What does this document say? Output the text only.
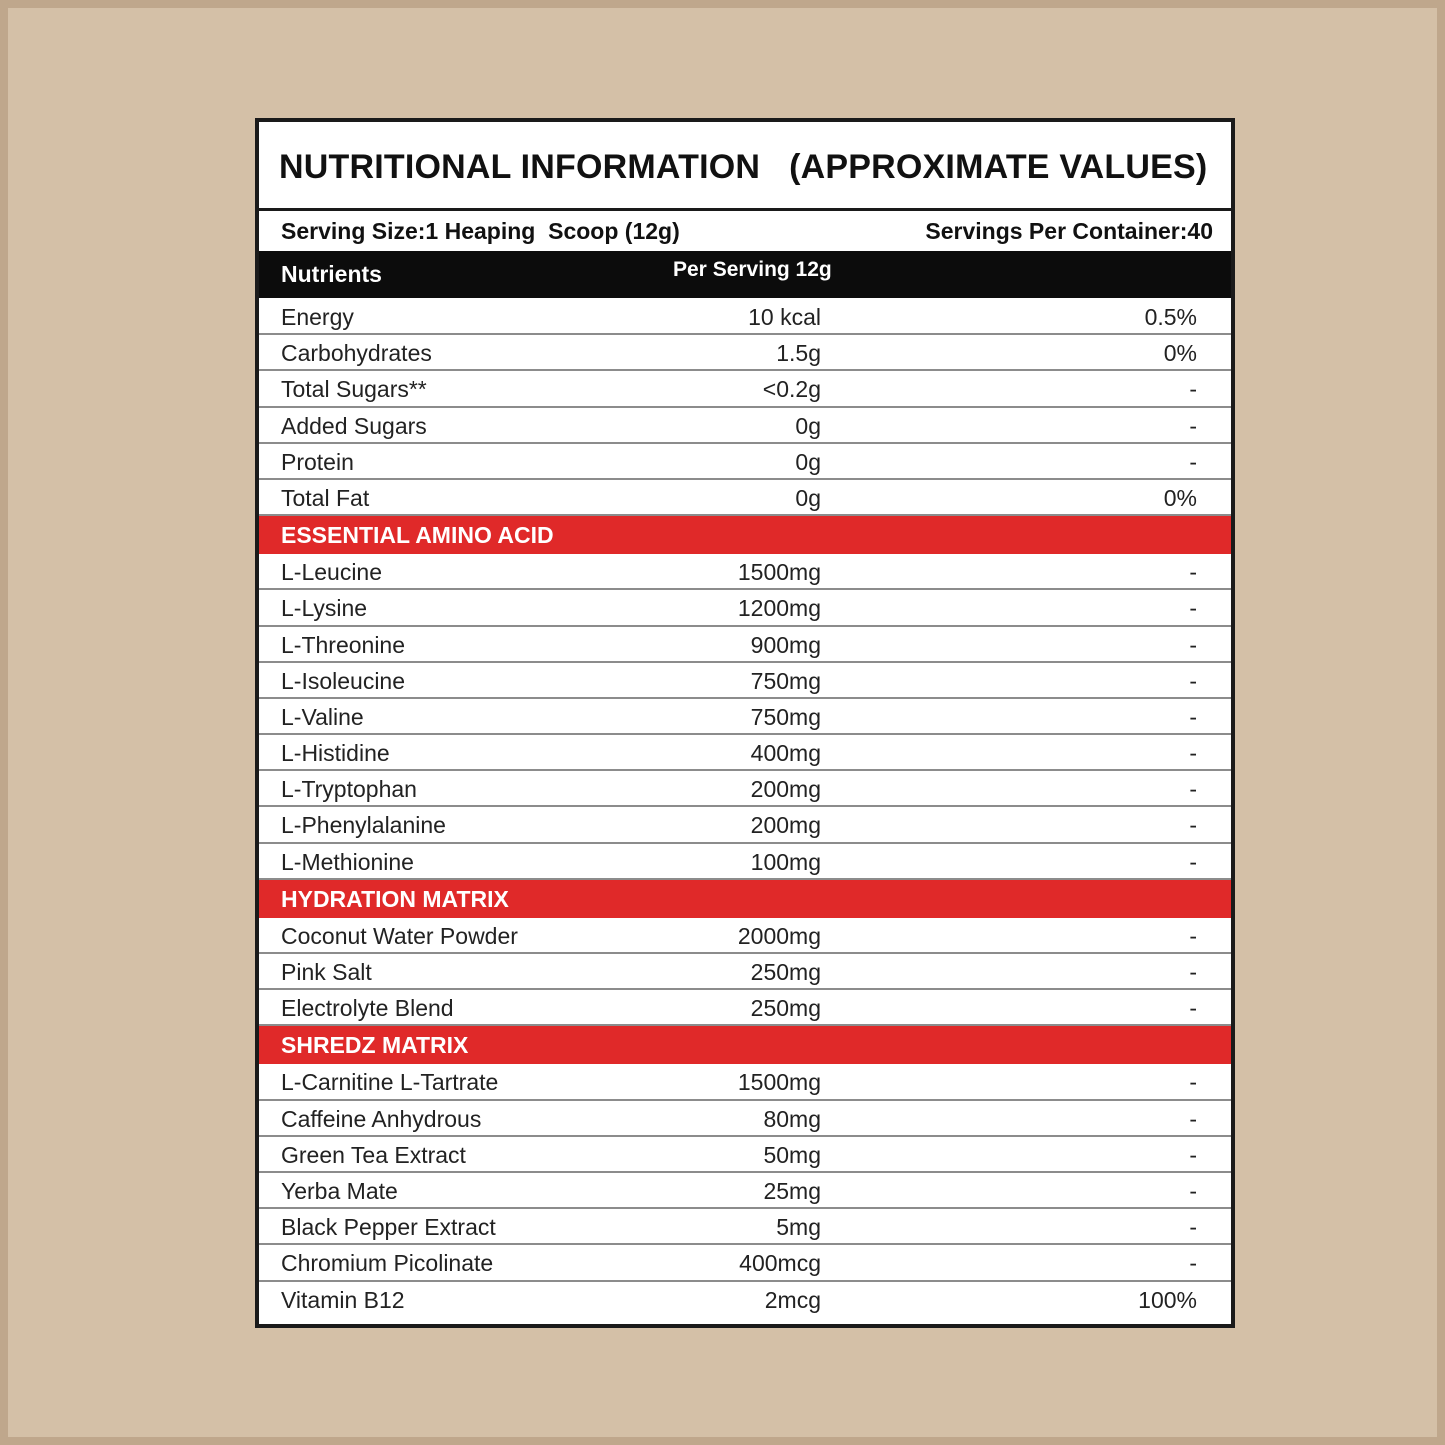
NUTRITIONAL INFORMATION   (APPROXIMATE VALUES)
Serving Size:1 Heaping  Scoop (12g)	Servings Per Container:40
Nutrients	Per Serving 12g
Energy	10 kcal	0.5%
Carbohydrates	1.5g	0%
Total Sugars**	<0.2g	-
Added Sugars	0g	-
Protein	0g	-
Total Fat	0g	0%
ESSENTIAL AMINO ACID
L-Leucine	1500mg	-
L-Lysine	1200mg	-
L-Threonine	900mg	-
L-Isoleucine	750mg	-
L-Valine	750mg	-
L-Histidine	400mg	-
L-Tryptophan	200mg	-
L-Phenylalanine	200mg	-
L-Methionine	100mg	-
HYDRATION MATRIX
Coconut Water Powder	2000mg	-
Pink Salt	250mg	-
Electrolyte Blend	250mg	-
SHREDZ MATRIX
L-Carnitine L-Tartrate	1500mg	-
Caffeine Anhydrous	80mg	-
Green Tea Extract	50mg	-
Yerba Mate	25mg	-
Black Pepper Extract	5mg	-
Chromium Picolinate	400mcg	-
Vitamin B12	2mcg	100%
